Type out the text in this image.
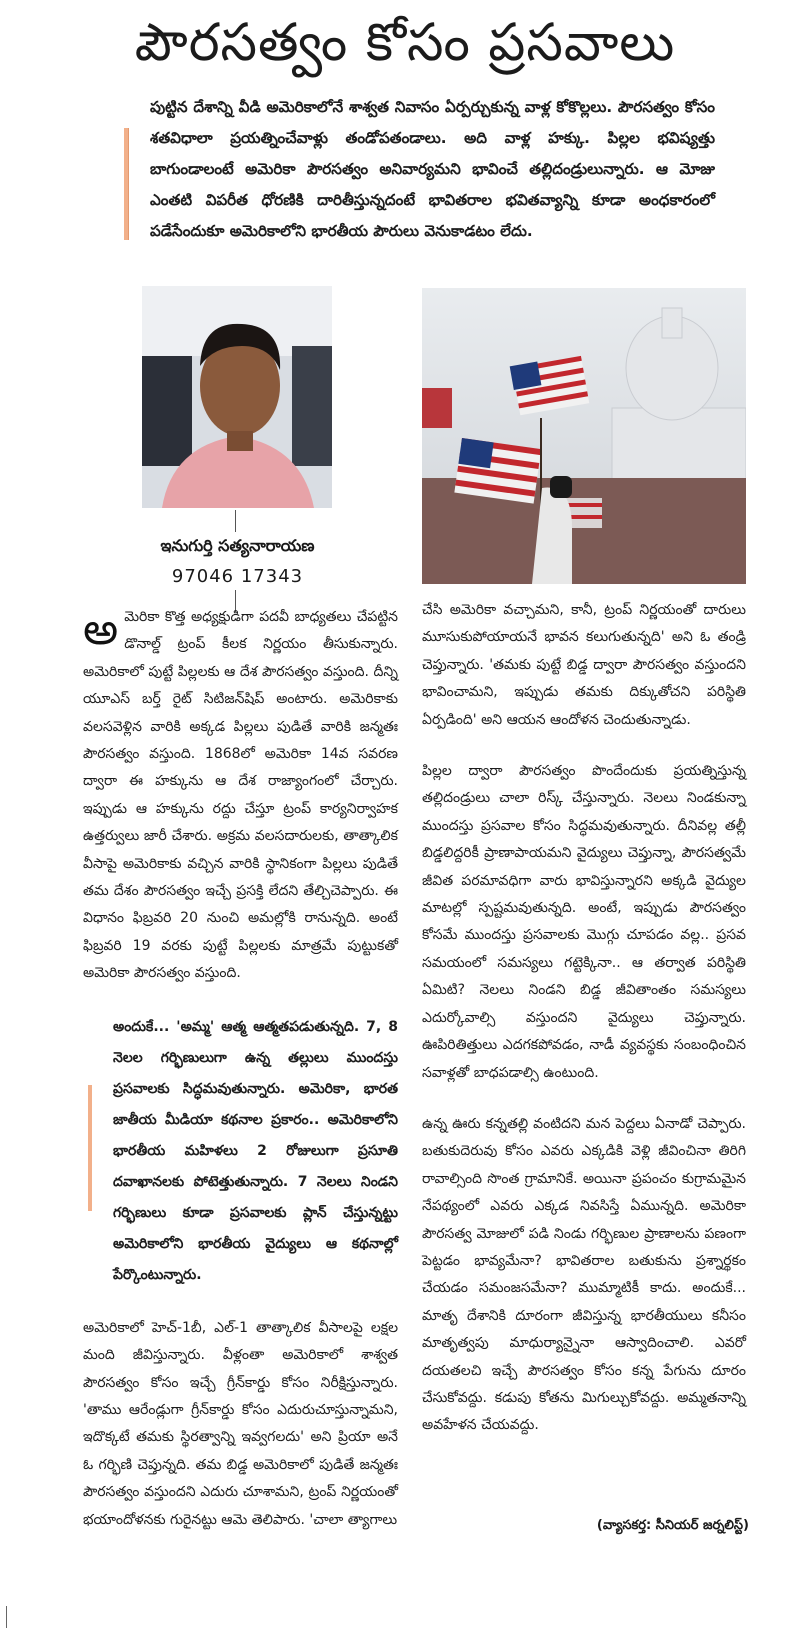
పౌరసత్వం కోసం ప్రసవాలు
పుట్టిన దేశాన్ని వీడి అమెరికాలోనే శాశ్వత నివాసం ఏర్పర్చుకున్న వాళ్ల కోకొల్లలు. పౌరసత్వం కోసం శతవిధాలా ప్రయత్నించేవాళ్లు తండోపతండాలు. అది వాళ్ల హక్కు. పిల్లల భవిష్యత్తు బాగుండాలంటే అమెరికా పౌరసత్వం అనివార్యమని భావించే తల్లిదండ్రులున్నారు. ఆ మోజు ఎంతటి విపరీత ధోరణికి దారితీస్తున్నదంటే భావితరాల భవితవ్యాన్ని కూడా అంధకారంలో పడేసేందుకూ అమెరికాలోని భారతీయ పౌరులు వెనుకాడటం లేదు.
ఇనుగుర్తి సత్యనారాయణ
97046 17343

అమెరికా కొత్త అధ్యక్షుడిగా పదవీ బాధ్యతలు చేపట్టిన డొనాల్డ్ ట్రంప్ కీలక నిర్ణయం తీసుకున్నారు. అమెరికాలో పుట్టే పిల్లలకు ఆ దేశ పౌరసత్వం వస్తుంది. దీన్ని యూఎస్ బర్త్ రైట్ సిటిజన్‌షిప్ అంటారు. అమెరికాకు వలసవెళ్లిన వారికి అక్కడ పిల్లలు పుడితే వారికి జన్మతః పౌరసత్వం వస్తుంది. 1868లో అమెరికా 14వ సవరణ ద్వారా ఈ హక్కును ఆ దేశ రాజ్యాంగంలో చేర్చారు. ఇప్పుడు ఆ హక్కును రద్దు చేస్తూ ట్రంప్ కార్యనిర్వాహక ఉత్తర్వులు జారీ చేశారు. అక్రమ వలసదారులకు, తాత్కాలిక వీసాపై అమెరికాకు వచ్చిన వారికి స్థానికంగా పిల్లలు పుడితే తమ దేశం పౌరసత్వం ఇచ్చే ప్రసక్తి లేదని తేల్చిచెప్పారు. ఈ విధానం ఫిబ్రవరి 20 నుంచి అమల్లోకి రానున్నది. అంటే ఫిబ్రవరి 19 వరకు పుట్టే పిల్లలకు మాత్రమే పుట్టుకతో అమెరికా పౌరసత్వం వస్తుంది.

అందుకే... 'అమ్మ' ఆత్మ ఆత్మతపడుతున్నది. 7, 8 నెలల గర్భిణులుగా ఉన్న తల్లులు ముందస్తు ప్రసవాలకు సిద్ధమవుతున్నారు. అమెరికా, భారత జాతీయ మీడియా కథనాల ప్రకారం.. అమెరికాలోని భారతీయ మహిళలు 2 రోజులుగా ప్రసూతి దవాఖానలకు పోటెత్తుతున్నారు. 7 నెలలు నిండని గర్భిణులు కూడా ప్రసవాలకు ప్లాన్ చేస్తున్నట్టు అమెరికాలోని భారతీయ వైద్యులు ఆ కథనాల్లో పేర్కొంటున్నారు.

అమెరికాలో హెచ్-1బీ, ఎల్-1 తాత్కాలిక వీసాలపై లక్షల మంది జీవిస్తున్నారు. వీళ్లంతా అమెరికాలో శాశ్వత పౌరసత్వం కోసం ఇచ్చే గ్రీన్‌కార్డు కోసం నిరీక్షిస్తున్నారు. 'తాము ఆరేండ్లుగా గ్రీన్‌కార్డు కోసం ఎదురుచూస్తున్నామని, ఇదొక్కటే తమకు స్థిరత్వాన్ని ఇవ్వగలదు' అని ప్రియా అనే ఓ గర్భిణి చెప్తున్నది. తమ బిడ్డ అమెరికాలో పుడితే జన్మతః పౌరసత్వం వస్తుందని ఎదురు చూశామని, ట్రంప్ నిర్ణయంతో భయాందోళనకు గురైనట్టు ఆమె తెలిపారు. 'చాలా త్యాగాలు

చేసి అమెరికా వచ్చామని, కానీ, ట్రంప్ నిర్ణయంతో దారులు మూసుకుపోయాయనే భావన కలుగుతున్నది' అని ఓ తండ్రి చెప్తున్నారు. 'తమకు పుట్టే బిడ్డ ద్వారా పౌరసత్వం వస్తుందని భావించామని, ఇప్పుడు తమకు దిక్కుతోచని పరిస్థితి ఏర్పడింది' అని ఆయన ఆందోళన చెందుతున్నాడు.

పిల్లల ద్వారా పౌరసత్వం పొందేందుకు ప్రయత్నిస్తున్న తల్లిదండ్రులు చాలా రిస్క్ చేస్తున్నారు. నెలలు నిండకున్నా ముందస్తు ప్రసవాల కోసం సిద్ధమవుతున్నారు. దీనివల్ల తల్లీ బిడ్డలిద్దరికీ ప్రాణాపాయమని వైద్యులు చెప్తున్నా, పౌరసత్వమే జీవిత పరమావధిగా వారు భావిస్తున్నారని అక్కడి వైద్యుల మాటల్లో స్పష్టమవుతున్నది. అంటే, ఇప్పుడు పౌరసత్వం కోసమే ముందస్తు ప్రసవాలకు మొగ్గు చూపడం వల్ల.. ప్రసవ సమయంలో సమస్యలు గట్టెక్కినా.. ఆ తర్వాత పరిస్థితి ఏమిటి? నెలలు నిండని బిడ్డ జీవితాంతం సమస్యలు ఎదుర్కోవాల్సి వస్తుందని వైద్యులు చెప్తున్నారు. ఊపిరితిత్తులు ఎదగకపోవడం, నాడీ వ్యవస్థకు సంబంధించిన సవాళ్లతో బాధపడాల్సి ఉంటుంది.

ఉన్న ఊరు కన్నతల్లి వంటిదని మన పెద్దలు ఏనాడో చెప్పారు. బతుకుదెరువు కోసం ఎవరు ఎక్కడికి వెళ్లి జీవించినా తిరిగి రావాల్సింది సొంత గ్రామానికే. అయినా ప్రపంచం కుగ్రామమైన నేపథ్యంలో ఎవరు ఎక్కడ నివసిస్తే ఏమున్నది. అమెరికా పౌరసత్వ మోజులో పడి నిండు గర్భిణుల ప్రాణాలను పణంగా పెట్టడం భావ్యమేనా? భావితరాల బతుకును ప్రశ్నార్థకం చేయడం సమంజసమేనా? ముమ్మాటికీ కాదు. అందుకే... మాతృ దేశానికి దూరంగా జీవిస్తున్న భారతీయులు కనీసం మాతృత్వపు మాధుర్యాన్నైనా ఆస్వాదించాలి. ఎవరో దయతలచి ఇచ్చే పౌరసత్వం కోసం కన్న పేగును దూరం చేసుకోవద్దు. కడుపు కోతను మిగుల్చుకోవద్దు. అమ్మతనాన్ని అవహేళన చేయవద్దు.

(వ్యాసకర్త: సీనియర్ జర్నలిస్ట్)
